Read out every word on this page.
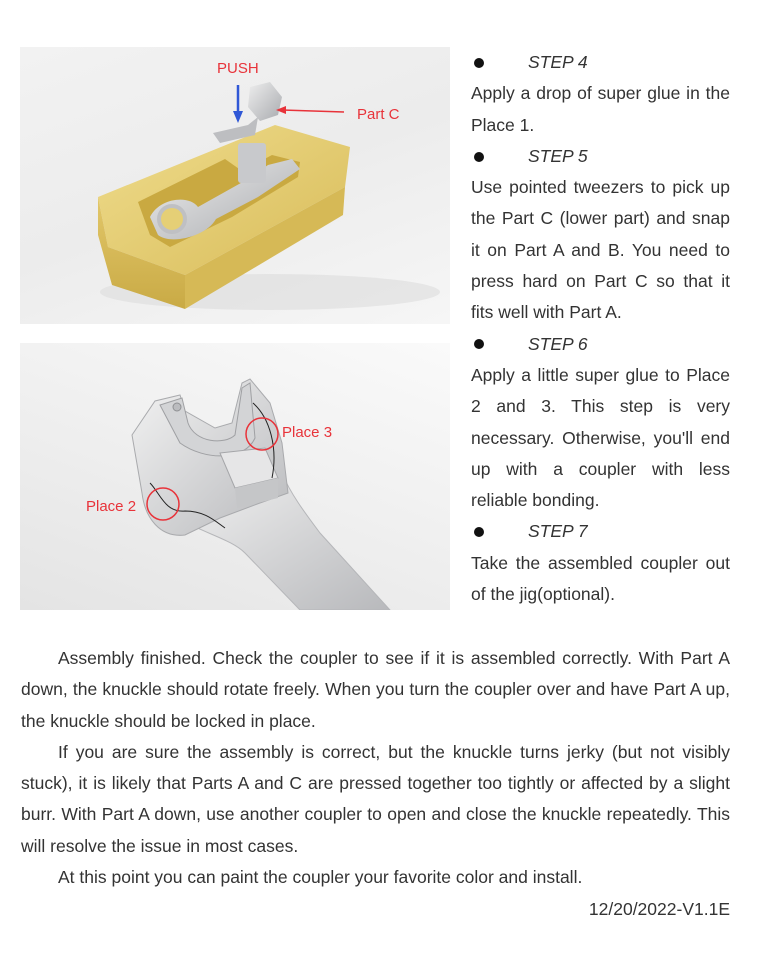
PUSH
Part C
Place 3
Place 2
STEP 4

Apply a drop of super glue in the Place 1.

STEP 5

Use pointed tweezers to pick up the Part C (lower part) and snap it on Part A and B. You need to press hard on Part C so that it fits well with Part A.

STEP 6

Apply a little super glue to Place 2 and 3. This step is very necessary. Otherwise, you'll end up with a coupler with less reliable bonding.

STEP 7

Take the assembled coupler out of the jig(optional).

Assembly finished. Check the coupler to see if it is assembled correctly. With Part A down, the knuckle should rotate freely. When you turn the coupler over and have Part A up, the knuckle should be locked in place.

If you are sure the assembly is correct, but the knuckle turns jerky (but not visibly stuck), it is likely that Parts A and C are pressed together too tightly or affected by a slight burr. With Part A down, use another coupler to open and close the knuckle repeatedly. This will resolve the issue in most cases.

At this point you can paint the coupler your favorite color and install.

12/20/2022-V1.1E
